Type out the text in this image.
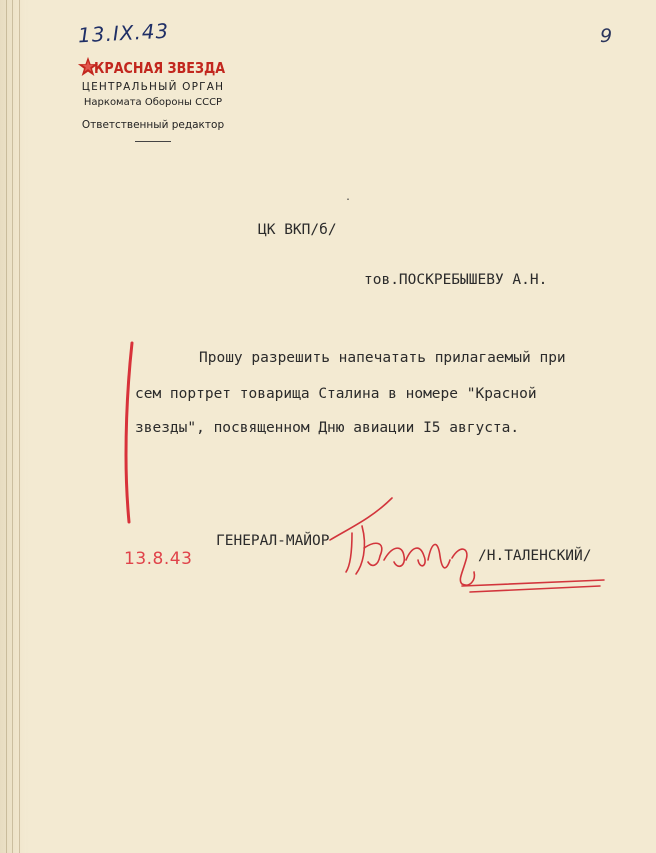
13.IX.43	9
КРАСНАЯ ЗВЕЗДА
ЦЕНТРАЛЬНЫЙ ОРГАН
Наркомата Обороны СССР
Ответственный редактор
.
ЦК ВКП/б/
тов.ПОСКРЕБЫШЕВУ А.Н.
Прошу разрешить напечатать прилагаемый при
сем портрет товарища Сталина в номере "Красной
звезды", посвященном Дню авиации I5 августа.
ГЕНЕРАЛ-МАЙОР
/Н.ТАЛЕНСКИЙ/
13.8.43
